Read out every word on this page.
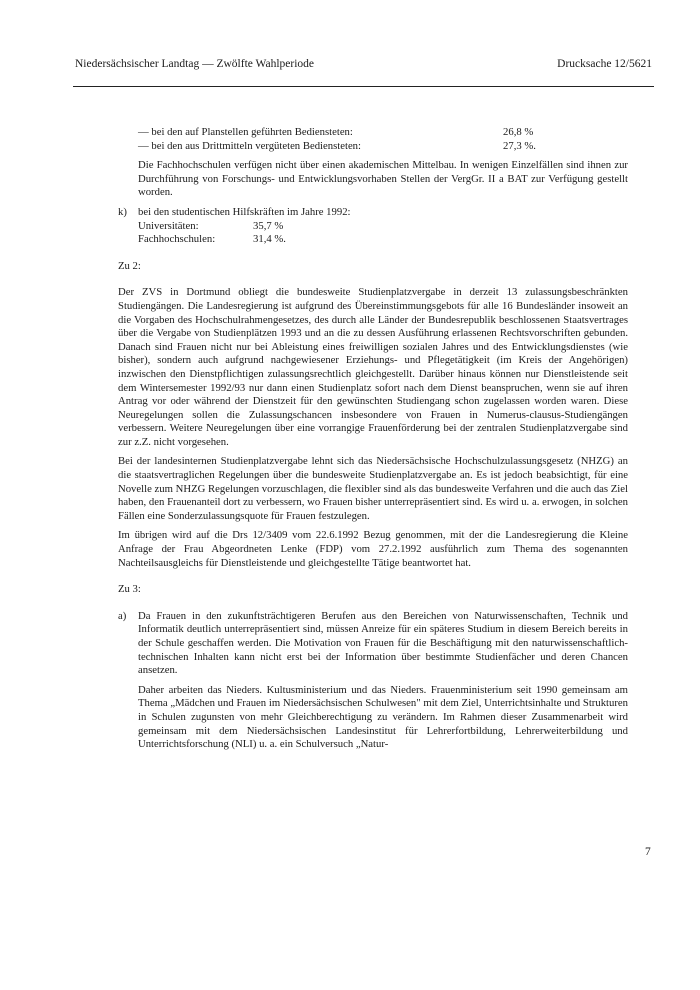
Niedersächsischer Landtag — Zwölfte Wahlperiode	Drucksache 12/5621
— bei den auf Planstellen geführten Bediensteten:	26,8 %
— bei den aus Drittmitteln vergüteten Bediensteten:	27,3 %.

Die Fachhochschulen verfügen nicht über einen akademischen Mittelbau. In wenigen Einzelfällen sind ihnen zur Durchführung von Forschungs- und Entwicklungsvorhaben Stellen der VergGr. II a BAT zur Verfügung gestellt worden.

k) bei den studentischen Hilfskräften im Jahre 1992:
Universitäten:	35,7 %
Fachhochschulen:	31,4 %.

Zu 2:

Der ZVS in Dortmund obliegt die bundesweite Studienplatzvergabe in derzeit 13 zulassungsbeschränkten Studiengängen. Die Landesregierung ist aufgrund des Übereinstimmungsgebots für alle 16 Bundesländer insoweit an die Vorgaben des Hochschulrahmengesetzes, des durch alle Länder der Bundesrepublik beschlossenen Staatsvertrages über die Vergabe von Studienplätzen 1993 und an die zu dessen Ausführung erlassenen Rechtsvorschriften gebunden. Danach sind Frauen nicht nur bei Ableistung eines freiwilligen sozialen Jahres und des Entwicklungsdienstes (wie bisher), sondern auch aufgrund nachgewiesener Erziehungs- und Pflegetätigkeit (im Kreis der Angehörigen) inzwischen den Dienstpflichtigen zulassungsrechtlich gleichgestellt. Darüber hinaus können nur Dienstleistende seit dem Wintersemester 1992/93 nur dann einen Studienplatz sofort nach dem Dienst beanspruchen, wenn sie auf ihren Antrag vor oder während der Dienstzeit für den gewünschten Studiengang schon zugelassen worden waren. Diese Neuregelungen sollen die Zulassungschancen insbesondere von Frauen in Numerus-clausus-Studiengängen verbessern. Weitere Neuregelungen über eine vorrangige Frauenförderung bei der zentralen Studienplatzvergabe sind zur z.Z. nicht vorgesehen.

Bei der landesinternen Studienplatzvergabe lehnt sich das Niedersächsische Hochschulzulassungsgesetz (NHZG) an die staatsvertraglichen Regelungen über die bundesweite Studienplatzvergabe an. Es ist jedoch beabsichtigt, für eine Novelle zum NHZG Regelungen vorzuschlagen, die flexibler sind als das bundesweite Verfahren und die auch das Ziel haben, den Frauenanteil dort zu verbessern, wo Frauen bisher unterrepräsentiert sind. Es wird u. a. erwogen, in solchen Fällen eine Sonderzulassungsquote für Frauen festzulegen.

Im übrigen wird auf die Drs 12/3409 vom 22.6.1992 Bezug genommen, mit der die Landesregierung die Kleine Anfrage der Frau Abgeordneten Lenke (FDP) vom 27.2.1992 ausführlich zum Thema des sogenannten Nachteilsausgleichs für Dienstleistende und gleichgestellte Tätige beantwortet hat.

Zu 3:

a) Da Frauen in den zukunftsträchtigeren Berufen aus den Bereichen von Naturwissenschaften, Technik und Informatik deutlich unterrepräsentiert sind, müssen Anreize für ein späteres Studium in diesem Bereich bereits in der Schule geschaffen werden. Die Motivation von Frauen für die Beschäftigung mit den naturwissenschaftlich-technischen Inhalten kann nicht erst bei der Information über bestimmte Studienfächer und deren Chancen ansetzen.

Daher arbeiten das Nieders. Kultusministerium und das Nieders. Frauenministerium seit 1990 gemeinsam am Thema „Mädchen und Frauen im Niedersächsischen Schulwesen" mit dem Ziel, Unterrichtsinhalte und Strukturen in Schulen zugunsten von mehr Gleichberechtigung zu verändern. Im Rahmen dieser Zusammenarbeit wird gemeinsam mit dem Niedersächsischen Landesinstitut für Lehrerfortbildung, Lehrerweiterbildung und Unterrichtsforschung (NLI) u. a. ein Schulversuch „Natur-

7
